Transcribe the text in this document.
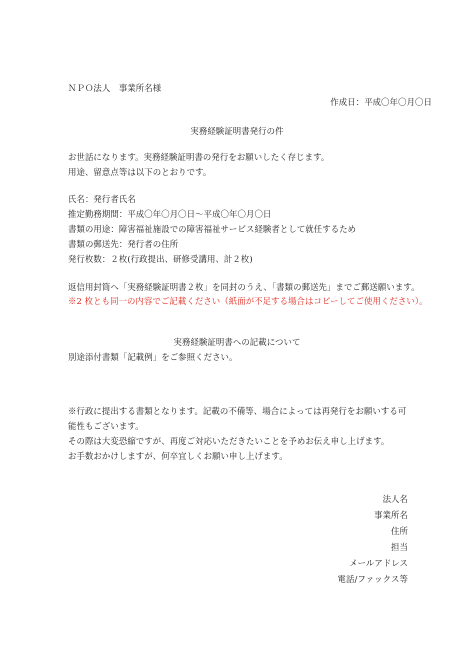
ＮＰＯ法人　事業所名様
作成日：平成〇年〇月〇日
実務経験証明書発行の件
お世話になります。実務経験証明書の発行をお願いしたく存じます。
用途、留意点等は以下のとおりです。
氏名：発行者氏名
推定勤務期間：平成〇年〇月〇日～平成〇年〇月〇日
書類の用途：障害福祉施設での障害福祉サービス経験者として就任するため
書類の郵送先：発行者の住所
発行枚数：２枚(行政提出、研修受講用、計２枚)
返信用封筒へ「実務経験証明書２枚」を同封のうえ、「書類の郵送先」までご郵送願います。
※2 枚とも同一の内容でご記載ください（紙面が不足する場合はコピーしてご使用ください）。
実務経験証明書への記載について
別途添付書類「記載例」をご参照ください。
※行政に提出する書類となります。記載の不備等、場合によっては再発行をお願いする可
能性もございます。
その際は大変恐縮ですが、再度ご対応いただきたいことを予めお伝え申し上げます。
お手数おかけしますが、何卒宜しくお願い申し上げます。
法人名
事業所名
住所
担当
メールアドレス
電話/ファックス等
